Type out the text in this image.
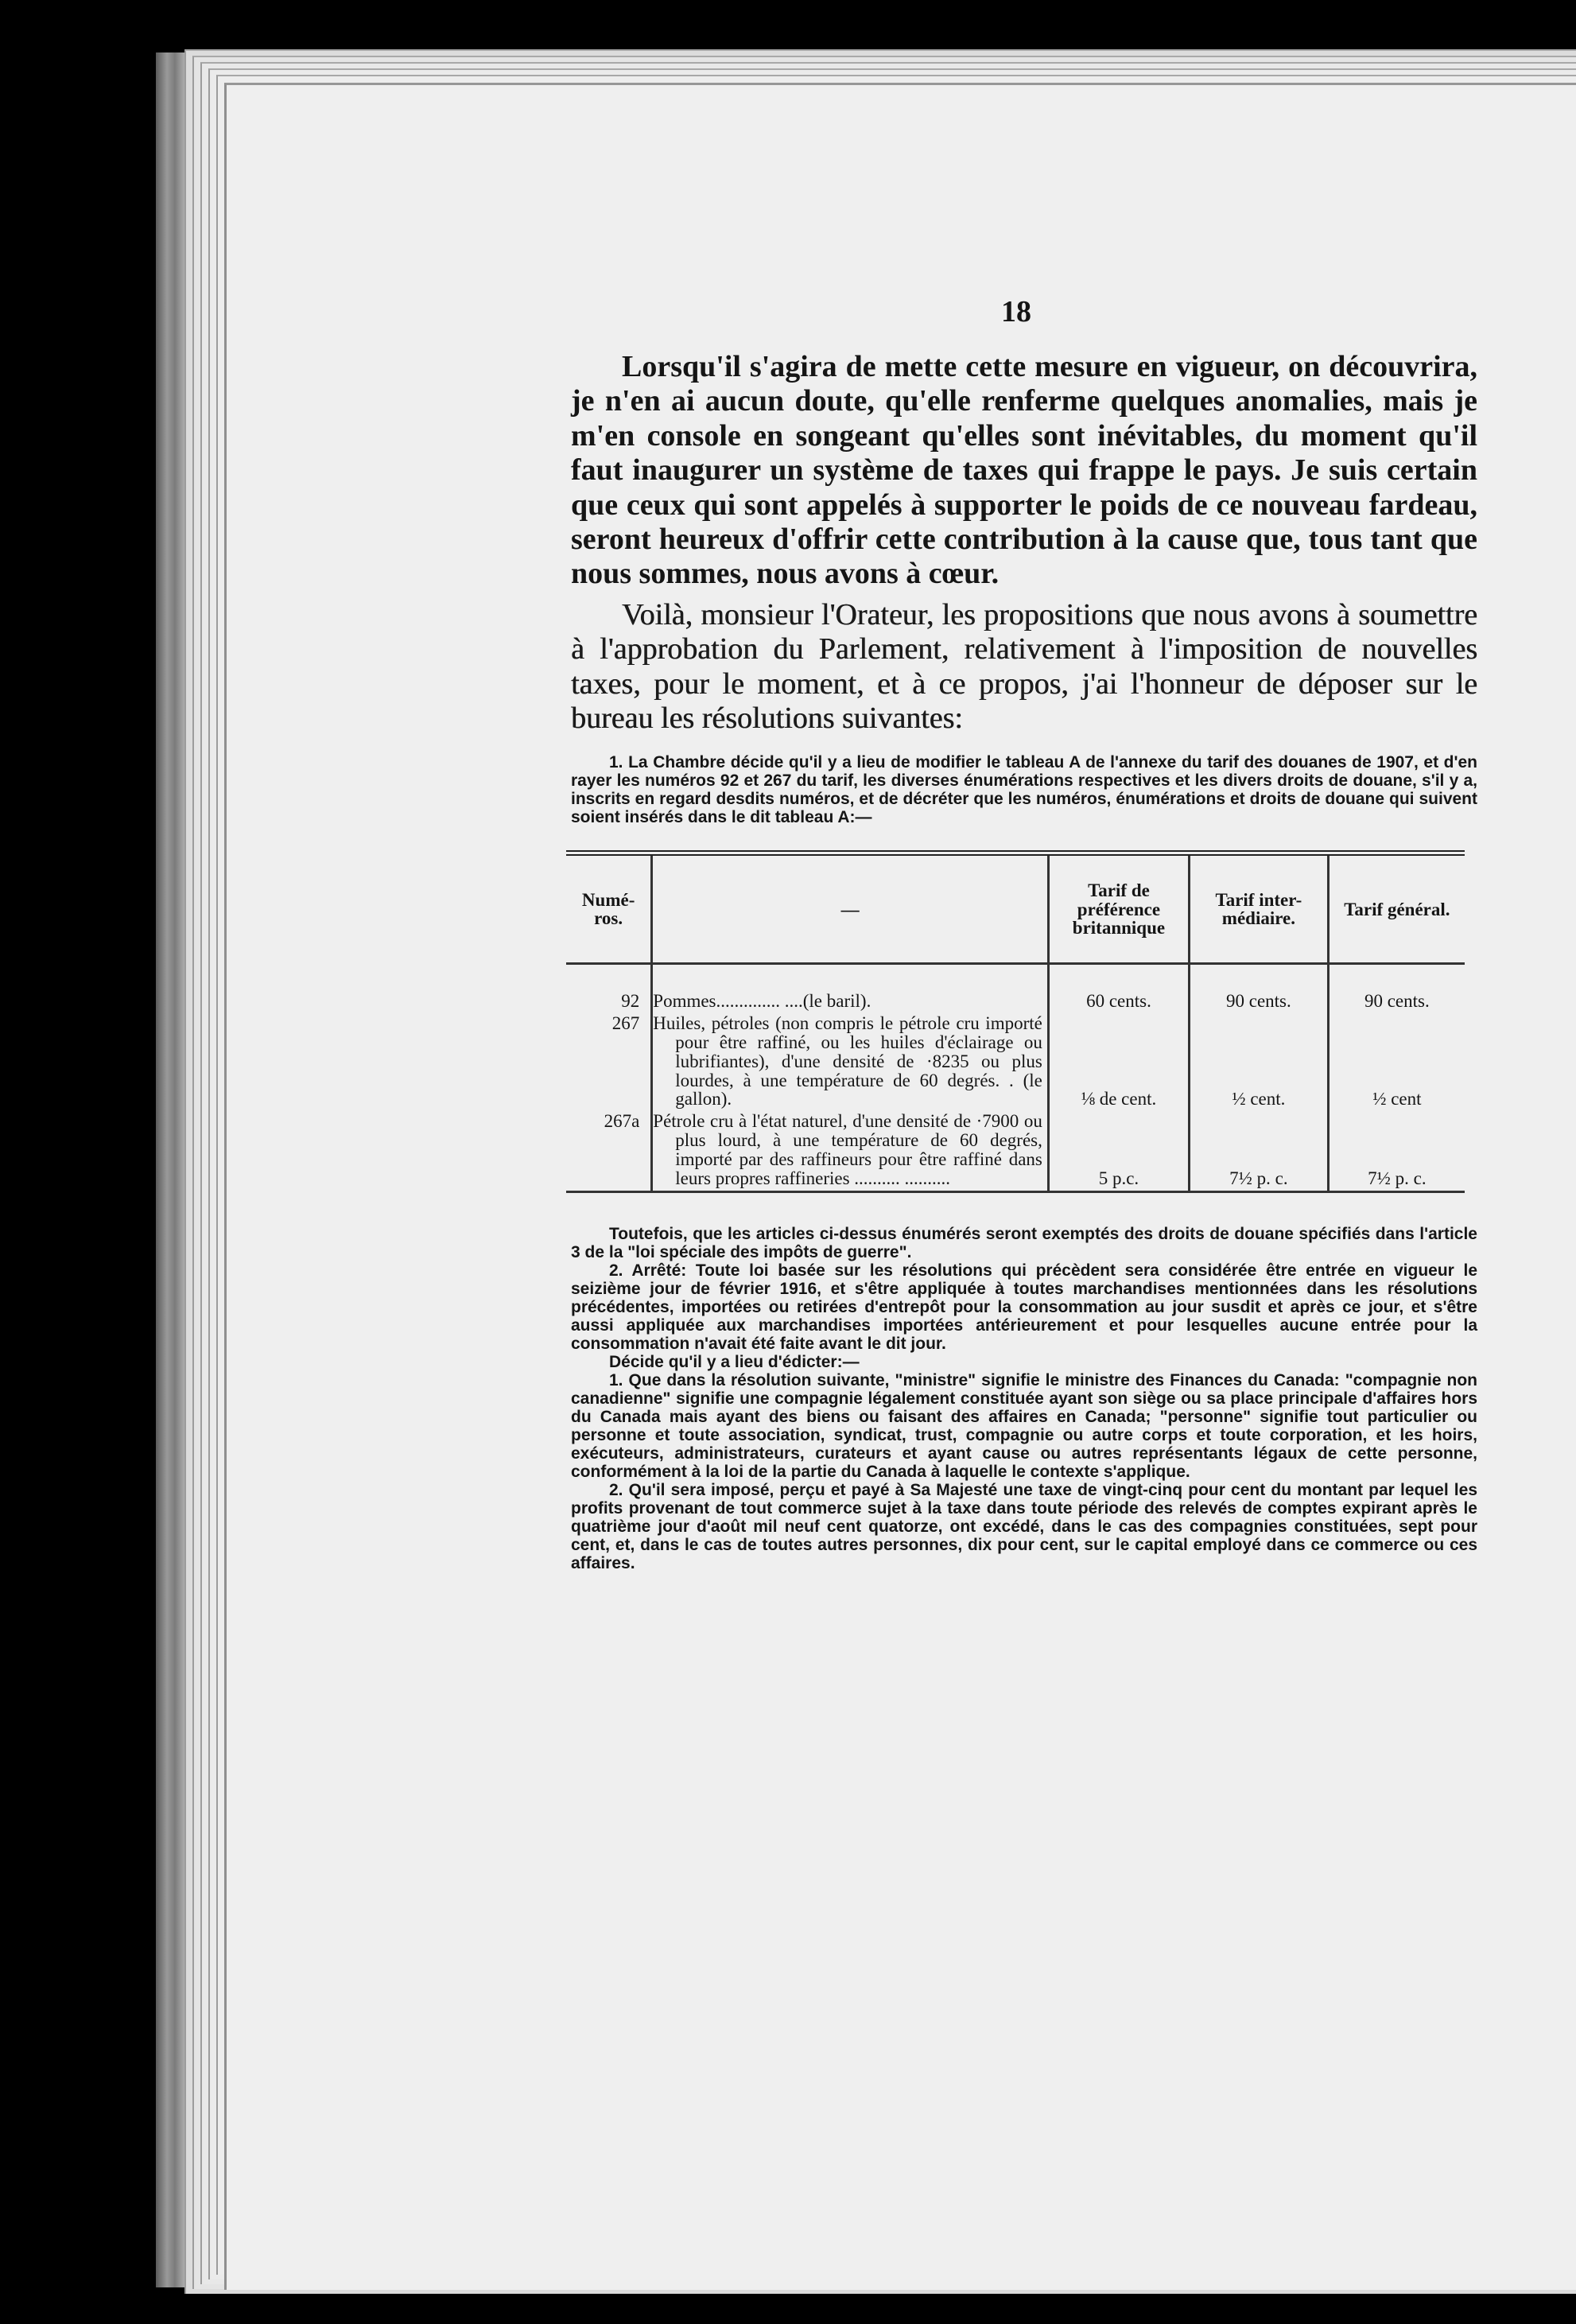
18

Lorsqu'il s'agira de mette cette mesure en vigueur, on découvrira, je n'en ai aucun doute, qu'elle renferme quelques anomalies, mais je m'en console en songeant qu'elles sont inévitables, du moment qu'il faut inaugurer un système de taxes qui frappe le pays. Je suis certain que ceux qui sont appelés à supporter le poids de ce nouveau fardeau, seront heureux d'offrir cette contribution à la cause que, tous tant que nous sommes, nous avons à cœur.

Voilà, monsieur l'Orateur, les propositions que nous avons à soumettre à l'approbation du Parlement, relativement à l'imposition de nouvelles taxes, pour le moment, et à ce propos, j'ai l'honneur de déposer sur le bureau les résolutions suivantes:

1. La Chambre décide qu'il y a lieu de modifier le tableau A de l'annexe du tarif des douanes de 1907, et d'en rayer les numéros 92 et 267 du tarif, les diverses énumérations respectives et les divers droits de douane, s'il y a, inscrits en regard desdits numéros, et de décréter que les numéros, énumérations et droits de douane qui suivent soient insérés dans le dit tableau A:—

Numé-ros.	—	Tarif de préférence britannique	Tarif inter-médiaire.	Tarif général.
92	Pommes.............. ....(le baril).	60 cents.	90 cents.	90 cents.
267	Huiles, pétroles (non compris le pétrole cru importé pour être raffiné, ou les huiles d'éclairage ou lubrifiantes), d'une densité de ·8235 ou plus lourdes, à une température de 60 degrés. . (le gallon).	⅛ de cent.	½ cent.	½ cent
267a	Pétrole cru à l'état naturel, d'une densité de ·7900 ou plus lourd, à une température de 60 degrés, importé par des raffineurs pour être raffiné dans leurs propres raffineries .......... ..........	5 p.c.	7½ p. c.	7½ p. c.

Toutefois, que les articles ci-dessus énumérés seront exemptés des droits de douane spécifiés dans l'article 3 de la "loi spéciale des impôts de guerre".

2. Arrêté: Toute loi basée sur les résolutions qui précèdent sera considérée être entrée en vigueur le seizième jour de février 1916, et s'être appliquée à toutes marchandises mentionnées dans les résolutions précédentes, importées ou retirées d'entrepôt pour la consommation au jour susdit et après ce jour, et s'être aussi appliquée aux marchandises importées antérieurement et pour lesquelles aucune entrée pour la consommation n'avait été faite avant le dit jour.

Décide qu'il y a lieu d'édicter:—

1. Que dans la résolution suivante, "ministre" signifie le ministre des Finances du Canada: "compagnie non canadienne" signifie une compagnie légalement constituée ayant son siège ou sa place principale d'affaires hors du Canada mais ayant des biens ou faisant des affaires en Canada; "personne" signifie tout particulier ou personne et toute association, syndicat, trust, compagnie ou autre corps et toute corporation, et les hoirs, exécuteurs, administrateurs, curateurs et ayant cause ou autres représentants légaux de cette personne, conformément à la loi de la partie du Canada à laquelle le contexte s'applique.

2. Qu'il sera imposé, perçu et payé à Sa Majesté une taxe de vingt-cinq pour cent du montant par lequel les profits provenant de tout commerce sujet à la taxe dans toute période des relevés de comptes expirant après le quatrième jour d'août mil neuf cent quatorze, ont excédé, dans le cas des compagnies constituées, sept pour cent, et, dans le cas de toutes autres personnes, dix pour cent, sur le capital employé dans ce commerce ou ces affaires.
